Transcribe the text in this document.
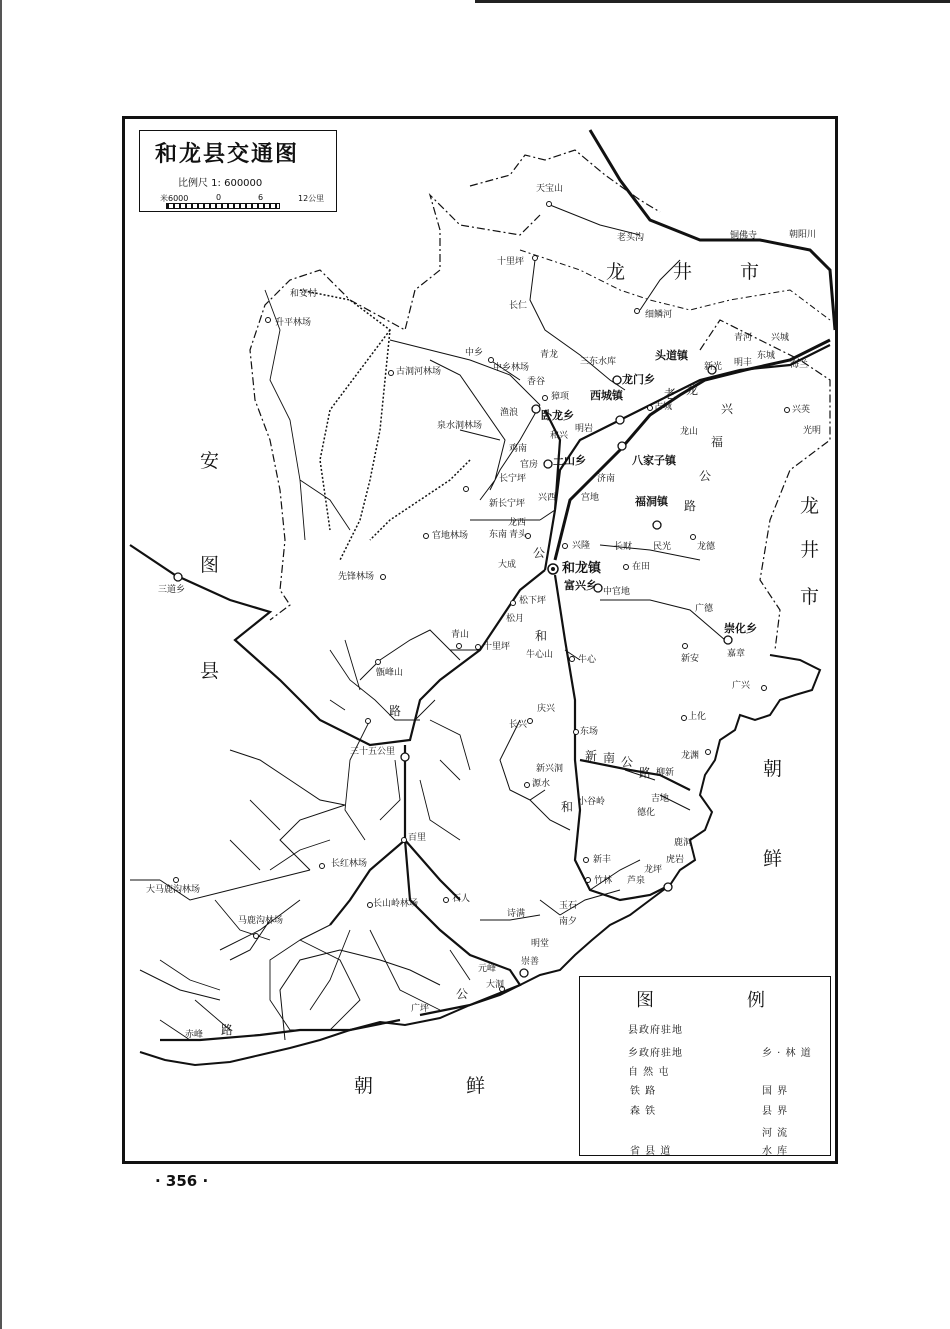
和龙县交通图
比例尺 1: 600000
米6000	0	6	12公里
安
图
县
龙	井	市
龙
井
市
朝
鲜
朝	鲜
和龙镇
卧龙乡
西城镇
龙门乡
土山乡	八家子镇
福洞镇
富兴乡
崇化乡
头道镇
三十五公里
三道乡
天宝山
老头沟	铜佛寺	朝阳川
十里坪
长仁
细鳞河
和安村
升平林场
中乡
中乡林场
古洞河林场
青龙
三东水库
香谷
獐项
渔浪
泉水洞林场
和兴
明岩
鸡南
官房
济南
长宁坪
新长宁坪
兴西	宫地
龙西
官地林场 东南 青头
先锋林场
大成
兴隆	长财 民光	龙德
在田
松下坪
中官地
广德
松月
青山
十里坪
牛心山	牛心	新安	嘉章
广兴
甑峰山
庆兴
长兴
东场
上化
龙渊
新兴洞
源水
柳新
吉地
德化
小谷岭
鹿洞
虎岩
新丰
竹林 芦泉
龙坪
百里
长红林场
大马鹿沟林场
长山岭林场	石人
马鹿沟林场
诗满
玉石
南夕
明堂
崇善
元峰
大洞
广坪
赤峰
兴城
青河
明丰
东城
新光	海兰
兴英
光明
古城
龙山
老 龙
兴
福
公
路
和
公
新 南 公
路
和
路
公
路
图	例
县政府驻地
乡政府驻地
自 然 屯
铁 路
森 铁
省 县 道
乡 · 林 道
国 界
县 界
河 流
水 库
· 356 ·
